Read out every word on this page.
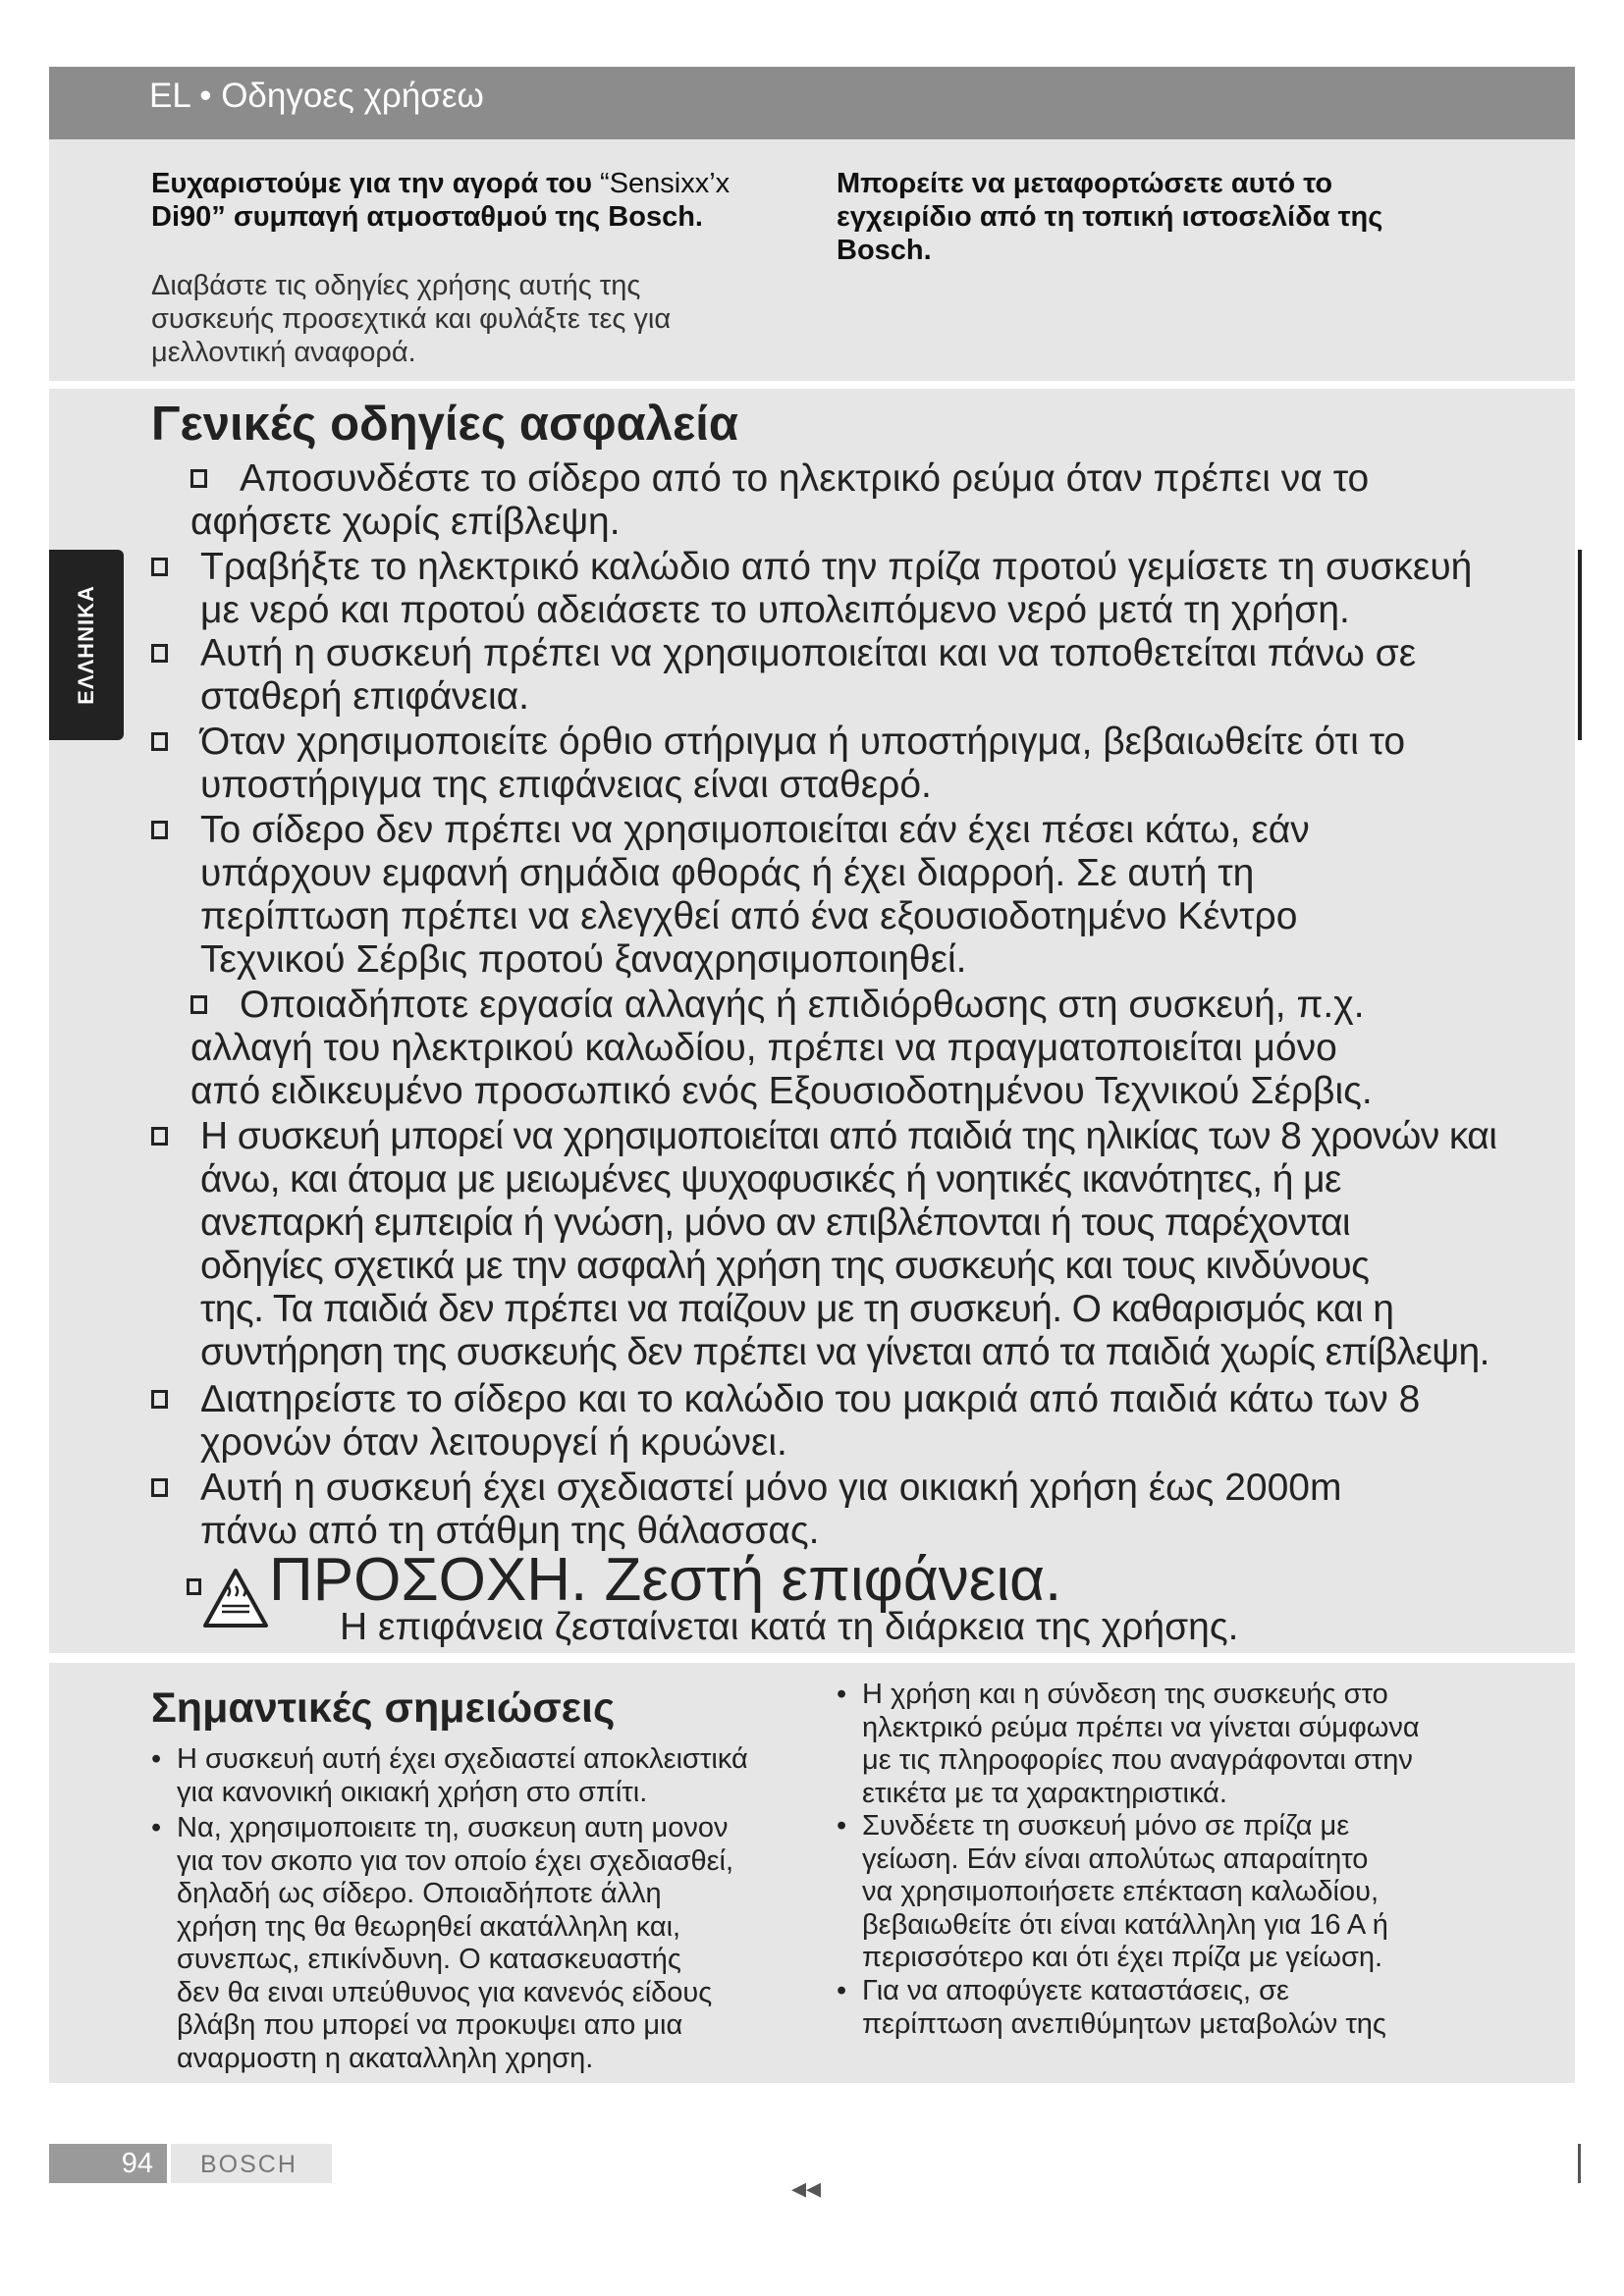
EL • Οδηγοες χρήσεω
Ευχαριστούμε για την αγορά του “Sensixx’x
Di90” συμπαγή ατμοσταθμού της Bosch.
Διαβάστε τις οδηγίες χρήσης αυτής της
συσκευής προσεχτικά και φυλάξτε τες για
μελλοντική αναφορά.
Μπορείτε να μεταφορτώσετε αυτό το
εγχειρίδιο από τη τοπική ιστοσελίδα της
Bosch.
Γενικές οδηγίες ασφαλεία
Αποσυνδέστε το σίδερο από το ηλεκτρικό ρεύμα όταν πρέπει να το
αφήσετε χωρίς επίβλεψη.
Τραβήξτε το ηλεκτρικό καλώδιο από την πρίζα προτού γεμίσετε τη συσκευή
με νερό και προτού αδειάσετε το υπολειπόμενο νερό μετά τη χρήση.
Αυτή η συσκευή πρέπει να χρησιμοποιείται και να τοποθετείται πάνω σε
σταθερή επιφάνεια.
Όταν χρησιμοποιείτε όρθιο στήριγμα ή υποστήριγμα, βεβαιωθείτε ότι το
υποστήριγμα της επιφάνειας είναι σταθερό.
Το σίδερο δεν πρέπει να χρησιμοποιείται εάν έχει πέσει κάτω, εάν
υπάρχουν εμφανή σημάδια φθοράς ή έχει διαρροή. Σε αυτή τη
περίπτωση πρέπει να ελεγχθεί από ένα εξουσιοδοτημένο Κέντρο
Τεχνικού Σέρβις προτού ξαναχρησιμοποιηθεί.
Οποιαδήποτε εργασία αλλαγής ή επιδιόρθωσης στη συσκευή, π.χ.
αλλαγή του ηλεκτρικού καλωδίου, πρέπει να πραγματοποιείται μόνο
από ειδικευμένο προσωπικό ενός Εξουσιοδοτημένου Τεχνικού Σέρβις.
Η συσκευή μπορεί να χρησιμοποιείται από παιδιά της ηλικίας των 8 χρονών και
άνω, και άτομα με μειωμένες ψυχοφυσικές ή νοητικές ικανότητες, ή με
ανεπαρκή εμπειρία ή γνώση, μόνο αν επιβλέπονται ή τους παρέχονται
οδηγίες σχετικά με την ασφαλή χρήση της συσκευής και τους κινδύνους
της. Τα παιδιά δεν πρέπει να παίζουν με τη συσκευή. Ο καθαρισμός και η
συντήρηση της συσκευής δεν πρέπει να γίνεται από τα παιδιά χωρίς επίβλεψη.
Διατηρείστε το σίδερο και το καλώδιο του μακριά από παιδιά κάτω των 8
χρονών όταν λειτουργεί ή κρυώνει.
Αυτή η συσκευή έχει σχεδιαστεί μόνο για οικιακή χρήση έως 2000m
πάνω από τη στάθμη της θάλασσας.
ΠΡΟΣΟΧΗ. Ζεστή επιφάνεια.
Η επιφάνεια ζεσταίνεται κατά τη διάρκεια της χρήσης.
Σημαντικές σημειώσεις
• Η συσκευή αυτή έχει σχεδιαστεί αποκλειστικά
για κανονική οικιακή χρήση στο σπίτι.
• Να, χρησιμοποιειτε τη, συσκευη αυτη μονον
για τον σκοπο για τον οποίο έχει σχεδιασθεί,
δηλαδή ως σίδερο. Οποιαδήποτε άλλη
χρήση της θα θεωρηθεί ακατάλληλη και,
συνεπως, επικίνδυνη. Ο κατασκευαστής
δεν θα ειναι υπεύθυνος για κανενός είδους
βλάβη που μπορεί να προκυψει απο μια
αναρμοστη η ακαταλληλη χρηση.
• Η χρήση και η σύνδεση της συσκευής στο
ηλεκτρικό ρεύμα πρέπει να γίνεται σύμφωνα
με τις πληροφορίες που αναγράφονται στην
ετικέτα με τα χαρακτηριστικά.
• Συνδέετε τη συσκευή μόνο σε πρίζα με
γείωση. Εάν είναι απολύτως απαραίτητο
να χρησιμοποιήσετε επέκταση καλωδίου,
βεβαιωθείτε ότι είναι κατάλληλη για 16 Α ή
περισσότερο και ότι έχει πρίζα με γείωση.
• Για να αποφύγετε καταστάσεις, σε
περίπτωση ανεπιθύμητων μεταβολών της
ΕΛΛΗΝΙΚΑ
94 BOSCH
◂◂
